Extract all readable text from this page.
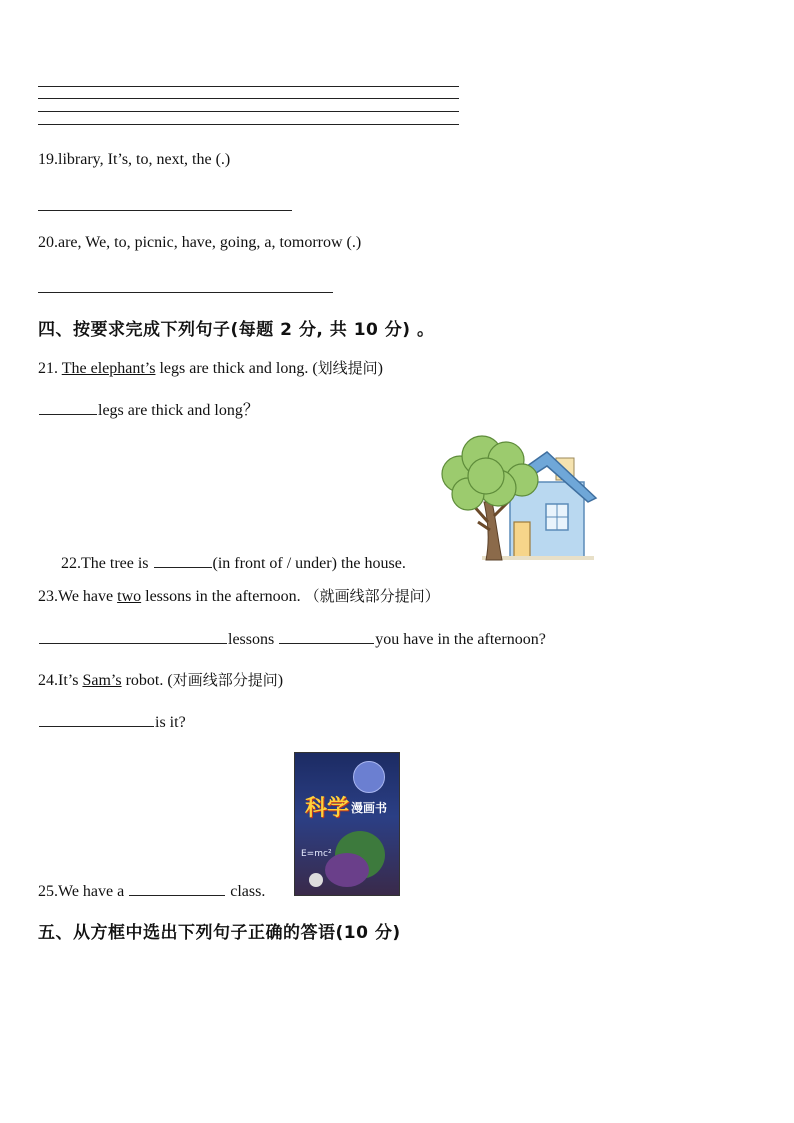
19.library, It’s, to, next, the (.)
20.are, We, to, picnic, have, going, a, tomorrow (.)
四、按要求完成下列句子(每题 2 分, 共 10 分) 。
21. The elephant’s legs are thick and long. (划线提问)
legs are thick and long？
22.The tree is	(in front of / under) the house.
23.We have two lessons in the afternoon. （就画线部分提问）
lessons	you have in the afternoon?
24.It’s Sam’s robot. (对画线部分提问)
is it?
科学 漫画书
E=mc²
25.We have a	class.
五、从方框中选出下列句子正确的答语(10 分)
